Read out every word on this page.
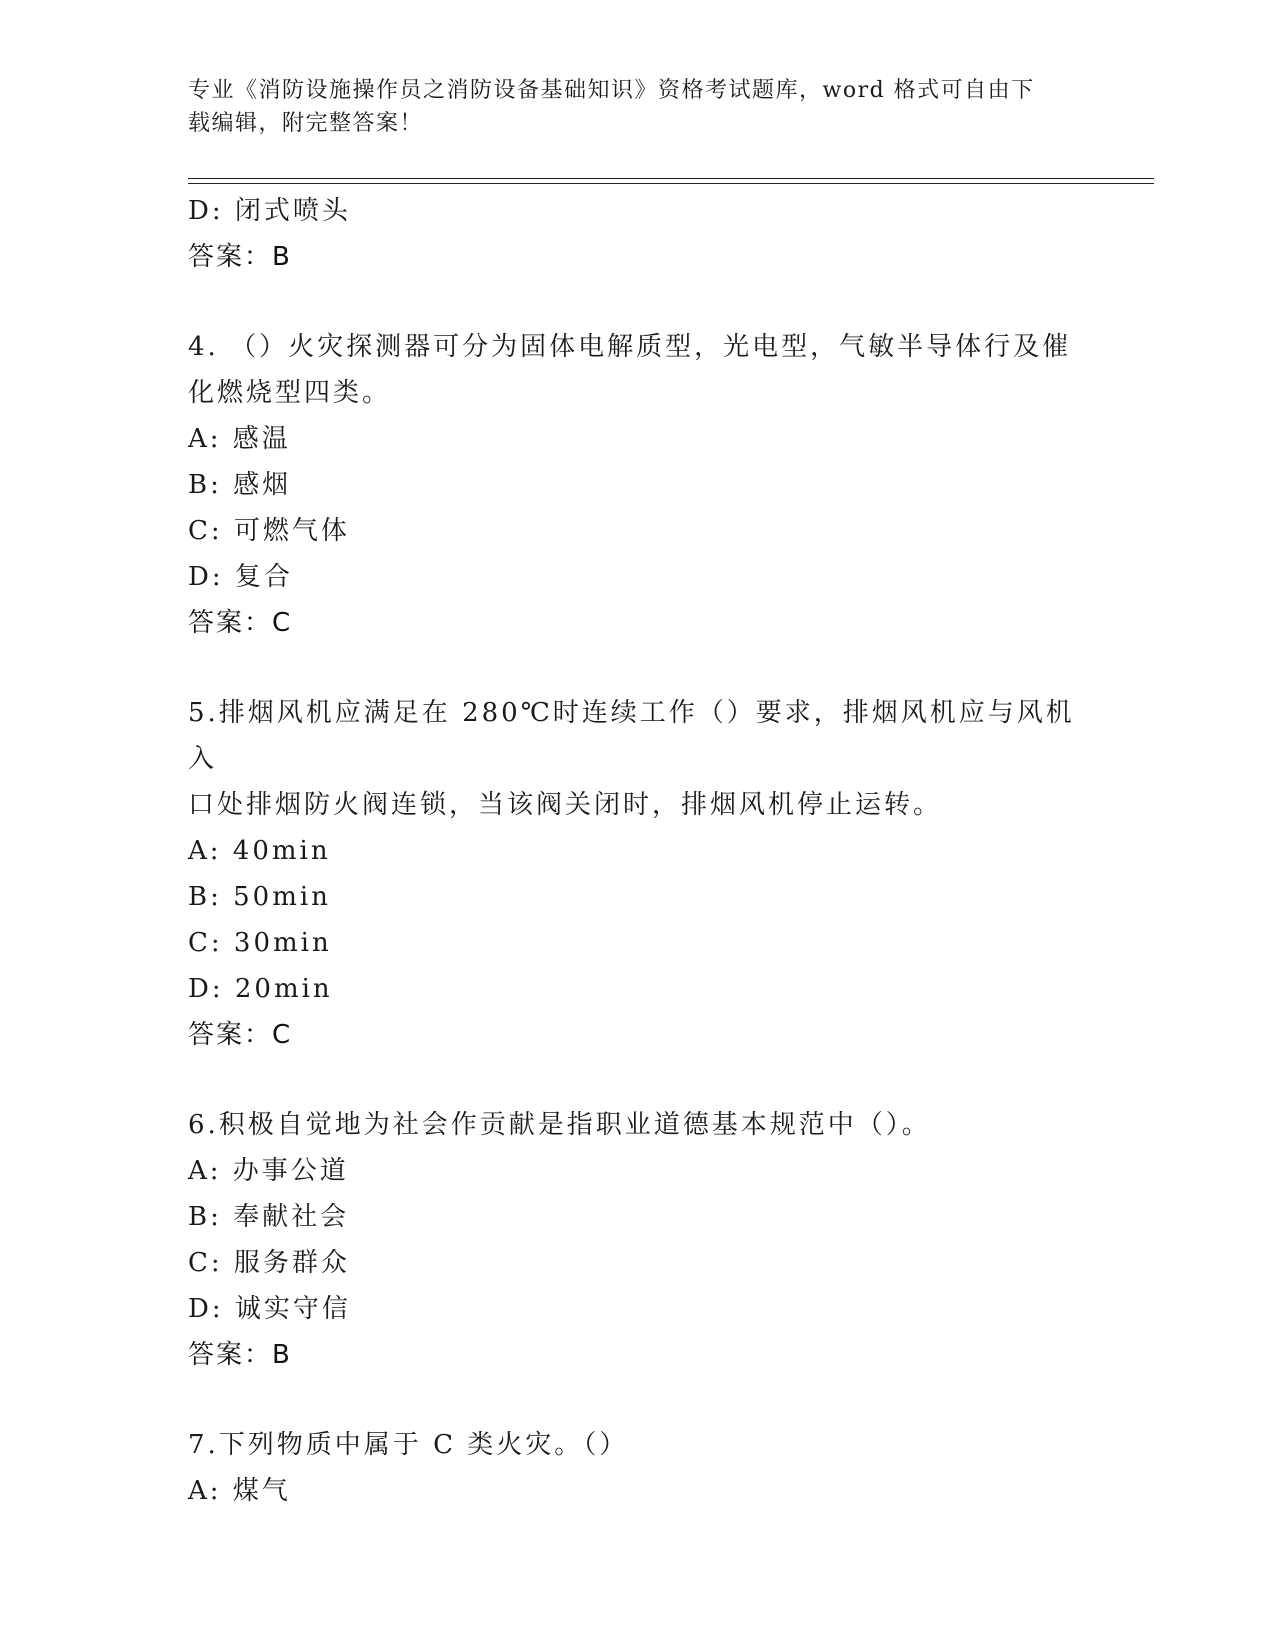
专业《消防设施操作员之消防设备基础知识》资格考试题库，word 格式可自由下
载编辑，附完整答案！
D: 闭式喷头
答案：B
4. （）火灾探测器可分为固体电解质型，光电型，气敏半导体行及催
化燃烧型四类。
A: 感温
B: 感烟
C: 可燃气体
D: 复合
答案：C
5.排烟风机应满足在 280℃时连续工作（）要求，排烟风机应与风机入
口处排烟防火阀连锁，当该阀关闭时，排烟风机停止运转。
A: 40min
B: 50min
C: 30min
D: 20min
答案：C
6.积极自觉地为社会作贡献是指职业道德基本规范中（）。
A: 办事公道
B: 奉献社会
C: 服务群众
D: 诚实守信
答案：B
7.下列物质中属于 C 类火灾。（）
A: 煤气
